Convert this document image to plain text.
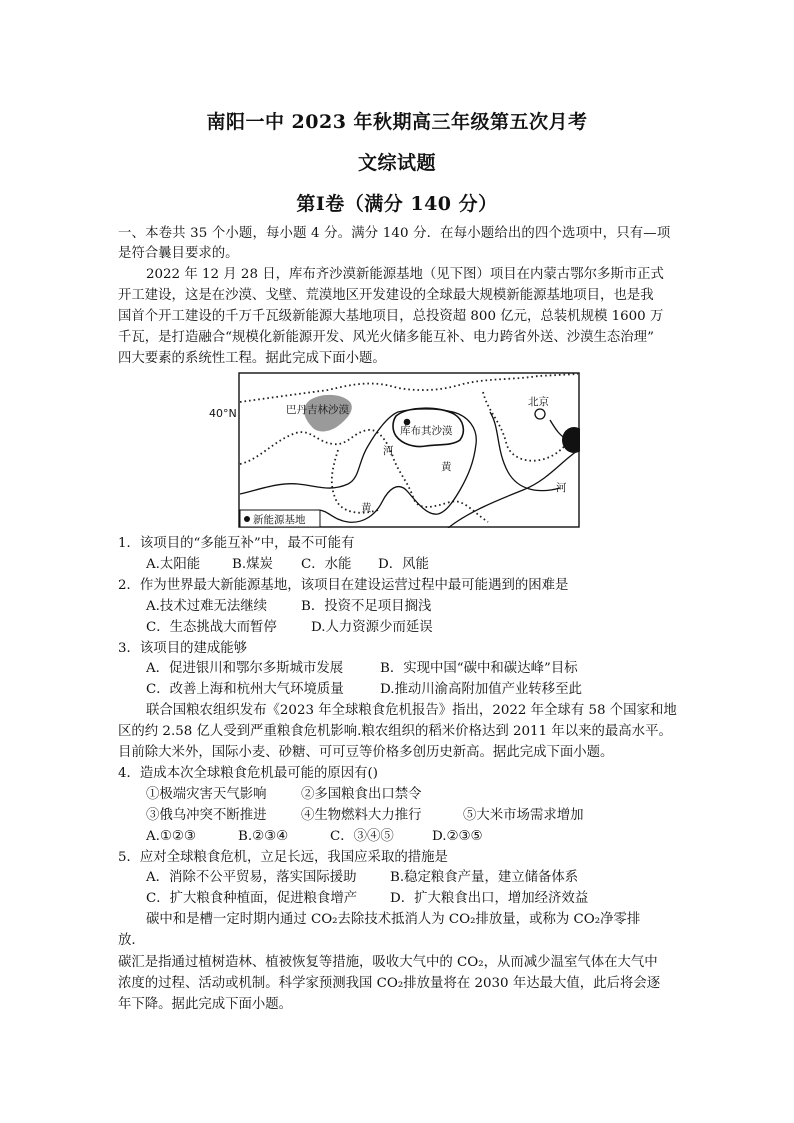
南阳一中 2023 年秋期高三年级第五次月考
文综试题
第Ⅰ卷（满分 140 分）
一、本卷共 35 个小题，每小题 4 分。满分 140 分．在每小题给出的四个选项中，只有—项
是符合曩目要求的。
2022 年 12 月 28 日，库布齐沙漠新能源基地（见下图）项目在内蒙古鄂尔多斯市正式
开工建设，这是在沙漠、戈壁、荒漠地区开发建设的全球最大规模新能源基地项目，也是我
国首个开工建设的千万千瓦级新能源大基地项目，总投资超 800 亿元，总装机规模 1600 万
千瓦，是打造融合“规模化新能源开发、风光火储多能互补、电力跨省外送、沙漠生态治理”
四大要素的系统性工程。据此完成下面小题。
巴丹吉林沙漠
库布其沙漠
北京
河
黄
黄
河
新能源基地
40°N
1．该项目的“多能互补”中，最不可能有
A.太阳能 B.煤炭 C．水能 D．风能
2．作为世界最大新能源基地，该项目在建设运营过程中最可能遇到的困难是
A.技术过难无法继续	B．投资不足项目搁浅
C．生态挑战大而暂停	D.人力资源少而延误
3．该项目的建成能够
A．促进银川和鄂尔多斯城市发展	B．实现中国“碳中和碳达峰”目标
C．改善上海和杭州大气环境质量	D.推动川渝高附加值产业转移至此
联合国粮农组织发布《2023 年全球粮食危机报告》指出，2022 年全球有 58 个国家和地
区的约 2.58 亿人受到严重粮食危机影响.粮农组织的稻米价格达到 2011 年以来的最高水平。
目前除大米外，国际小麦、砂糖、可可豆等价格多创历史新高。据此完成下面小题。
4．造成本次全球粮食危机最可能的原因有()
①极端灾害天气影响	②多国粮食出口禁令
③俄乌冲突不断推进	④生物燃料大力推行	⑤大米市场需求增加
A.①②③	B.②③④	C．③④⑤	D.②③⑤
5．应对全球粮食危机，立足长远，我国应采取的措施是
A．消除不公平贸易，落实国际援助 B.稳定粮食产量，建立储备体系
C．扩大粮食种植面，促进粮食增产 D．扩大粮食出口，增加经济效益
碳中和是槽一定时期内通过 CO₂去除技术抵消人为 CO₂排放量，或称为 CO₂净零排
放.
碳汇是指通过植树造林、植被恢复等措施，吸收大气中的 CO₂，从而减少温室气体在大气中
浓度的过程、活动或机制。科学家预测我国 CO₂排放量将在 2030 年达最大值，此后将会逐
年下降。据此完成下面小题。
